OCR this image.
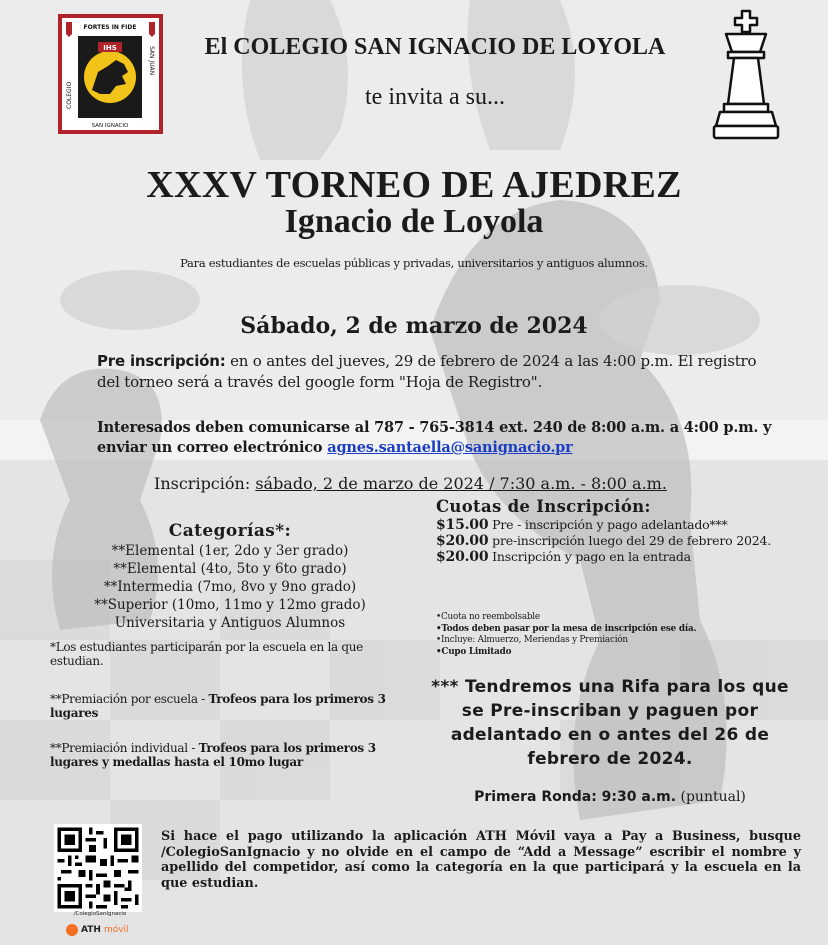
FORTES IN FIDE
IHS
SAN IGNACIO
COLEGIO
SAN JUAN	El COLEGIO SAN IGNACIO DE LOYOLA
te invita a su...
XXXV TORNEO DE AJEDREZ
Ignacio de Loyola
Para estudiantes de escuelas públicas y privadas, universitarios y antiguos alumnos.
Sábado, 2 de marzo de 2024
Pre inscripción: en o antes del jueves, 29 de febrero de 2024 a las 4:00 p.m. El registro del torneo será a través del google form "Hoja de Registro".
Interesados deben comunicarse al 787 - 765-3814 ext. 240 de 8:00 a.m. a 4:00 p.m. y enviar un correo electrónico agnes.santaella@sanignacio.pr
Inscripción: sábado, 2 de marzo de 2024 / 7:30 a.m. - 8:00 a.m.
Categorías*:
**Elemental (1er, 2do y 3er grado)
**Elemental (4to, 5to y 6to grado)
**Intermedia (7mo, 8vo y 9no grado)
**Superior (10mo, 11mo y 12mo grado)
Universitaria y Antiguos Alumnos
*Los estudiantes participarán por la escuela en la que estudian.
**Premiación por escuela - Trofeos para los primeros 3 lugares
**Premiación individual - Trofeos para los primeros 3 lugares y medallas hasta el 10mo lugar
Cuotas de Inscripción:
$15.00 Pre - inscripción y pago adelantado***
$20.00 pre-inscripción luego del 29 de febrero 2024.
$20.00 Inscripción y pago en la entrada
•Cuota no reembolsable
•Todos deben pasar por la mesa de inscripción ese día.
•Incluye: Almuerzo, Meriendas y Premiación
•Cupo Limitado
*** Tendremos una Rifa para los que se Pre-inscriban y paguen por adelantado en o antes del 26 de febrero de 2024.
Primera Ronda: 9:30 a.m. (puntual)
/ColegioSanIgnacio
ATH móvil
Si hace el pago utilizando la aplicación ATH Móvil vaya a Pay a Business, busque /ColegioSanIgnacio y no olvide en el campo de “Add a Message” escribir el nombre y apellido del competidor, así como la categoría en la que participará y la escuela en la que estudian.
